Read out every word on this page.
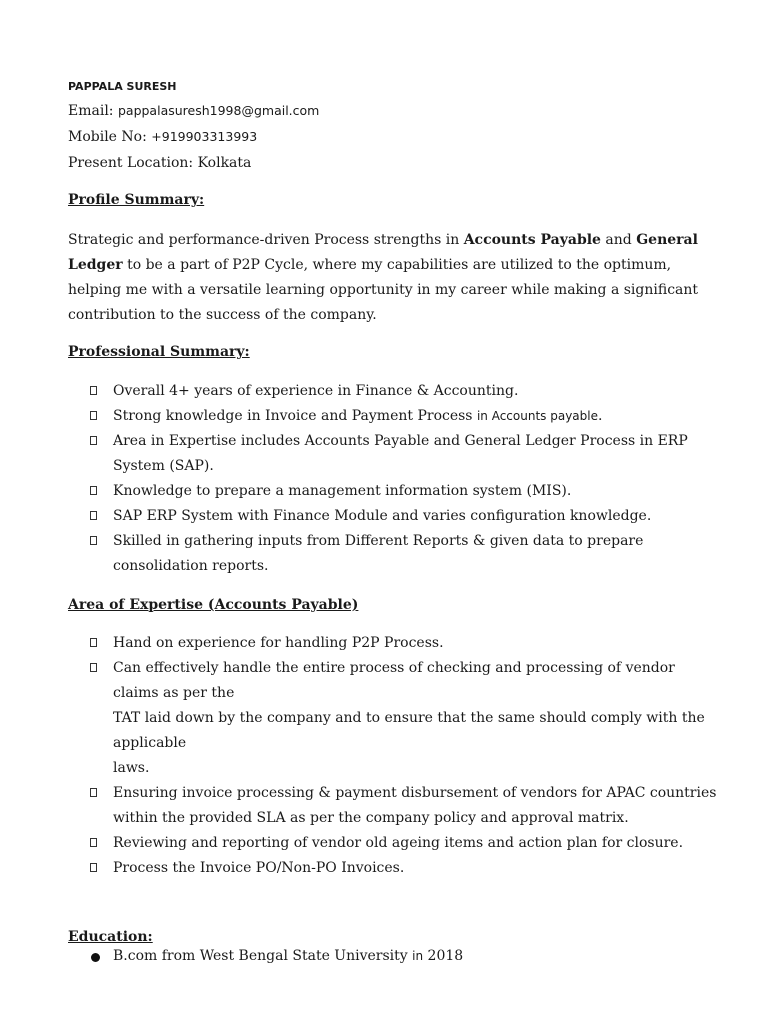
PAPPALA SURESH
Email: pappalasuresh1998@gmail.com
Mobile No: +919903313993
Present Location: Kolkata
Profile Summary:
Strategic and performance-driven Process strengths in Accounts Payable and General Ledger to be a part of P2P Cycle, where my capabilities are utilized to the optimum, helping me with a versatile learning opportunity in my career while making a significant contribution to the success of the company.
Professional Summary:
Overall 4+ years of experience in Finance & Accounting.
Strong knowledge in Invoice and Payment Process in Accounts payable.
Area in Expertise includes Accounts Payable and General Ledger Process in ERP System (SAP).
Knowledge to prepare a management information system (MIS).
SAP ERP System with Finance Module and varies configuration knowledge.
Skilled in gathering inputs from Different Reports & given data to prepare consolidation reports.
Area of Expertise (Accounts Payable)
Hand on experience for handling P2P Process.
Can effectively handle the entire process of checking and processing of vendor claims as per the
TAT laid down by the company and to ensure that the same should comply with the applicable
laws.
Ensuring invoice processing & payment disbursement of vendors for APAC countries within the provided SLA as per the company policy and approval matrix.
Reviewing and reporting of vendor old ageing items and action plan for closure.
Process the Invoice PO/Non-PO Invoices.
Education:
B.com from West Bengal State University in 2018
